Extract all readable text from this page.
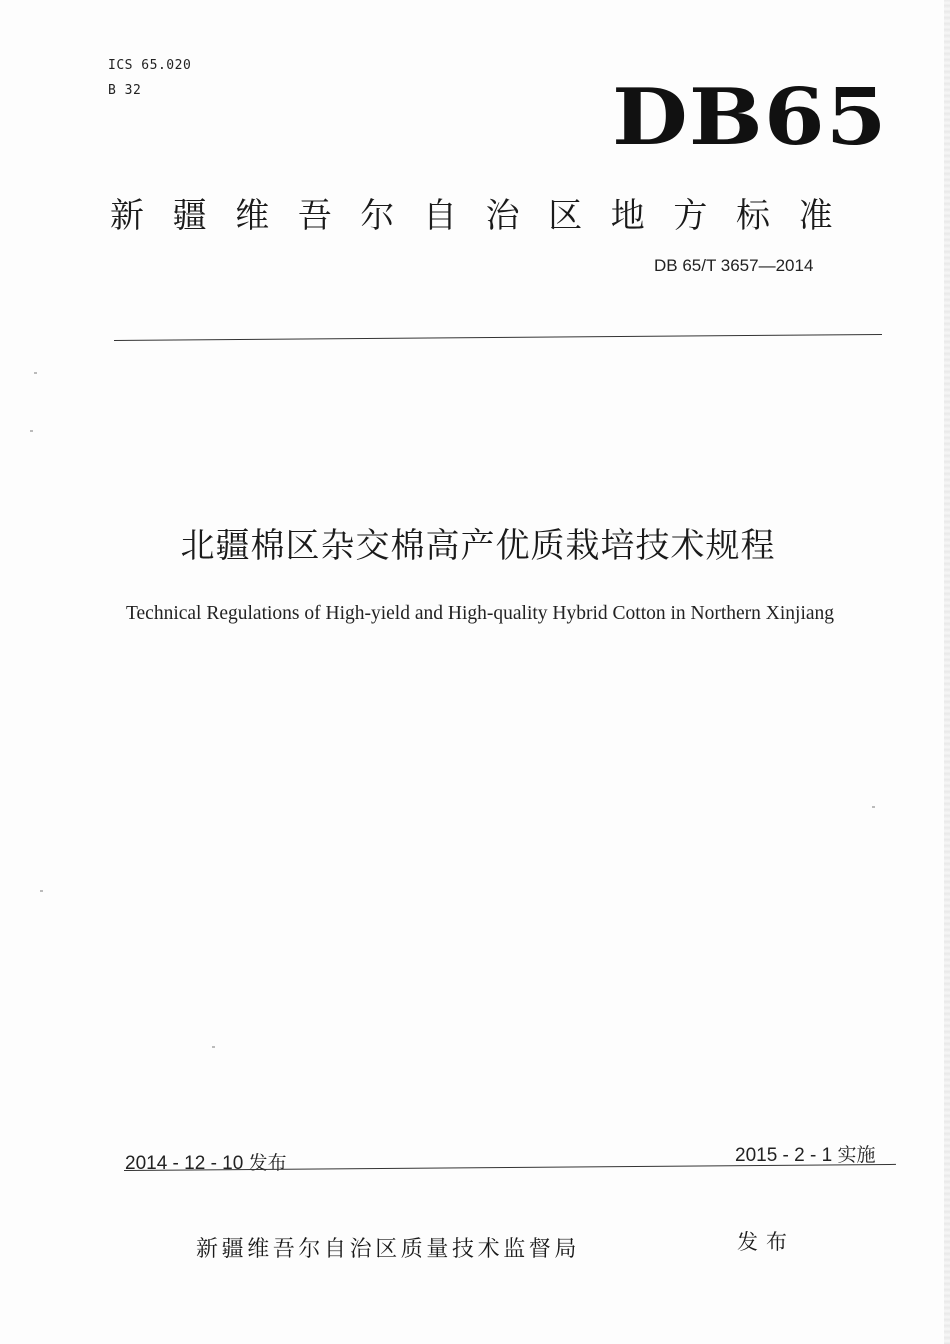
ICS 65.020
B 32	DB65
新疆维吾尔自治区地方标准
DB 65/T 3657—2014
北疆棉区杂交棉高产优质栽培技术规程
Technical Regulations of High-yield and High-quality Hybrid Cotton in Northern Xinjiang
2014 - 12 - 10 发布	2015 - 2 - 1 实施
新疆维吾尔自治区质量技术监督局	发布
